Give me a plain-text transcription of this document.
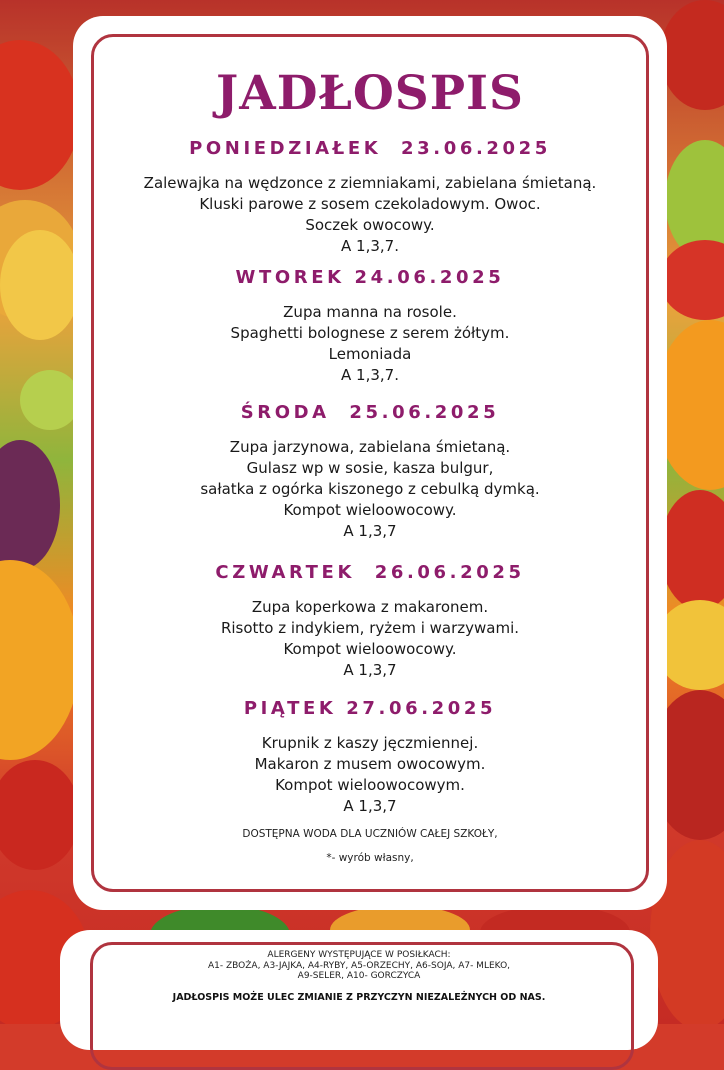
JADŁOSPIS
PONIEDZIAŁEK  23.06.2025
Zalewajka na wędzonce z ziemniakami, zabielana śmietaną.
Kluski parowe z sosem czekoladowym. Owoc.
Soczek owocowy.
A 1,3,7.
WTOREK 24.06.2025
Zupa manna na rosole.
Spaghetti bolognese z serem żółtym.
Lemoniada
A 1,3,7.
ŚRODA  25.06.2025
Zupa jarzynowa, zabielana śmietaną.
Gulasz wp w sosie, kasza bulgur,
sałatka z ogórka kiszonego z cebulką dymką.
Kompot wieloowocowy.
A 1,3,7
CZWARTEK  26.06.2025
Zupa koperkowa z makaronem.
Risotto z indykiem, ryżem i warzywami.
Kompot wieloowocowy.
A 1,3,7
PIĄTEK 27.06.2025
Krupnik z kaszy jęczmiennej.
Makaron z musem owocowym.
Kompot wieloowocowym.
A 1,3,7
DOSTĘPNA WODA DLA UCZNIÓW CAŁEJ SZKOŁY,
*- wyrób własny,
ALERGENY WYSTĘPUJĄCE W POSIŁKACH:
A1- ZBOŻA, A3-JAJKA, A4-RYBY, A5-ORZECHY, A6-SOJA, A7- MLEKO,
A9-SELER, A10- GORCZYCA
JADŁOSPIS MOŻE ULEC ZMIANIE Z PRZYCZYN NIEZALEŻNYCH OD NAS.
